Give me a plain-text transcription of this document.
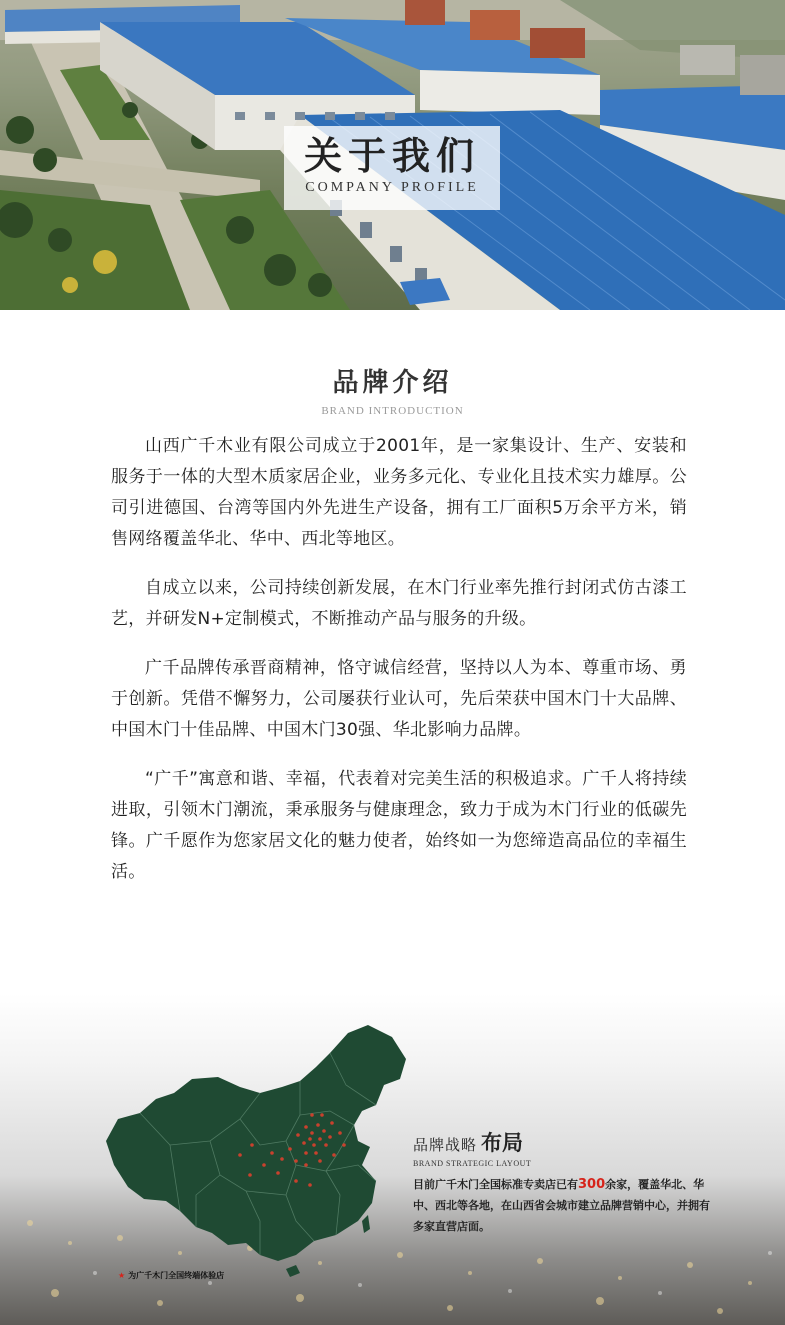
关于我们
COMPANY PROFILE
品牌介绍
BRAND INTRODUCTION

山西广千木业有限公司成立于2001年，是一家集设计、生产、安装和服务于一体的大型木质家居企业，业务多元化、专业化且技术实力雄厚。公司引进德国、台湾等国内外先进生产设备，拥有工厂面积5万余平方米，销售网络覆盖华北、华中、西北等地区。

自成立以来，公司持续创新发展，在木门行业率先推行封闭式仿古漆工艺，并研发N+定制模式，不断推动产品与服务的升级。

广千品牌传承晋商精神，恪守诚信经营，坚持以人为本、尊重市场、勇于创新。凭借不懈努力，公司屡获行业认可，先后荣获中国木门十大品牌、中国木门十佳品牌、中国木门30强、华北影响力品牌。

“广千”寓意和谐、幸福，代表着对完美生活的积极追求。广千人将持续进取，引领木门潮流，秉承服务与健康理念，致力于成为木门行业的低碳先锋。广千愿作为您家居文化的魅力使者，始终如一为您缔造高品位的幸福生活。

品牌战略 布局
BRAND STRATEGIC LAYOUT
目前广千木门全国标准专卖店已有300余家，覆盖华北、华中、西北等各地，在山西省会城市建立品牌营销中心，并拥有多家直营店面。
★ 为广千木门全国终端体验店
